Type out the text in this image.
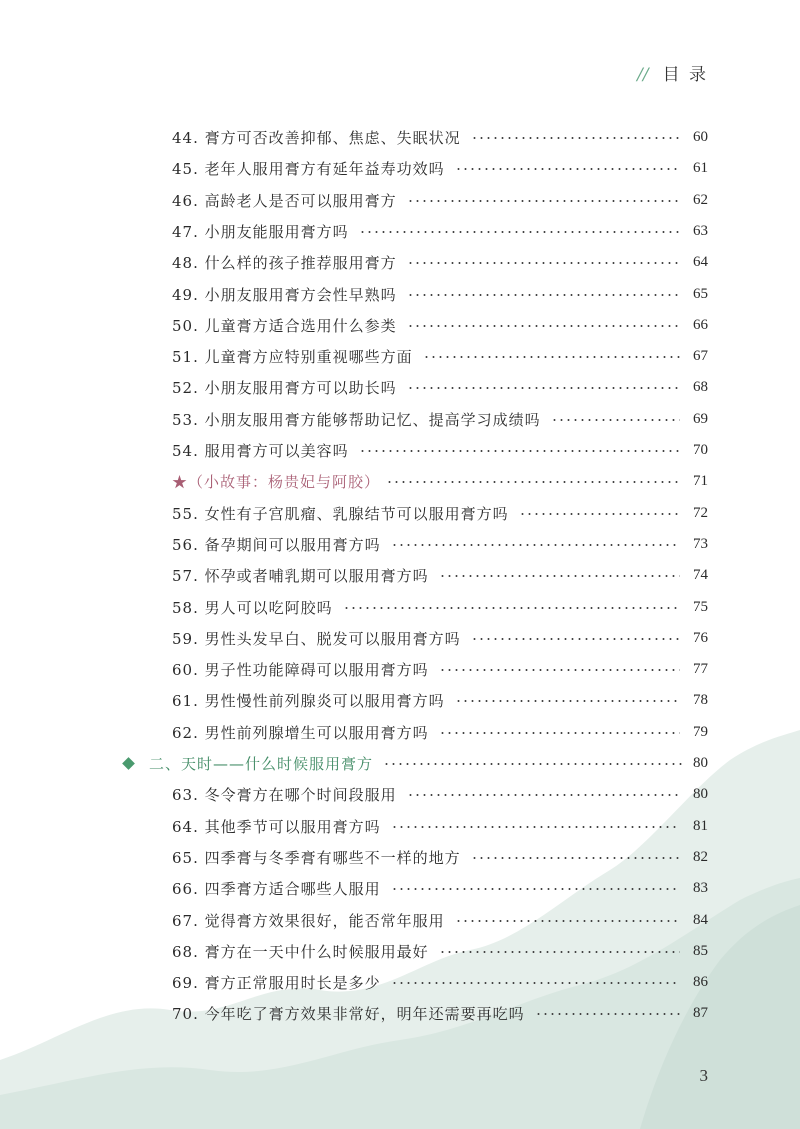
// 目 录
44. 膏方可否改善抑郁、焦虑、失眠状况	60
45. 老年人服用膏方有延年益寿功效吗	61
46. 高龄老人是否可以服用膏方	62
47. 小朋友能服用膏方吗	63
48. 什么样的孩子推荐服用膏方	64
49. 小朋友服用膏方会性早熟吗	65
50. 儿童膏方适合选用什么参类	66
51. 儿童膏方应特别重视哪些方面	67
52. 小朋友服用膏方可以助长吗	68
53. 小朋友服用膏方能够帮助记忆、提高学习成绩吗	69
54. 服用膏方可以美容吗	70
★（小故事：杨贵妃与阿胶）	71
55. 女性有子宫肌瘤、乳腺结节可以服用膏方吗	72
56. 备孕期间可以服用膏方吗	73
57. 怀孕或者哺乳期可以服用膏方吗	74
58. 男人可以吃阿胶吗	75
59. 男性头发早白、脱发可以服用膏方吗	76
60. 男子性功能障碍可以服用膏方吗	77
61. 男性慢性前列腺炎可以服用膏方吗	78
62. 男性前列腺增生可以服用膏方吗	79
二、天时——什么时候服用膏方	80
63. 冬令膏方在哪个时间段服用	80
64. 其他季节可以服用膏方吗	81
65. 四季膏与冬季膏有哪些不一样的地方	82
66. 四季膏方适合哪些人服用	83
67. 觉得膏方效果很好，能否常年服用	84
68. 膏方在一天中什么时候服用最好	85
69. 膏方正常服用时长是多少	86
70. 今年吃了膏方效果非常好，明年还需要再吃吗	87
3
